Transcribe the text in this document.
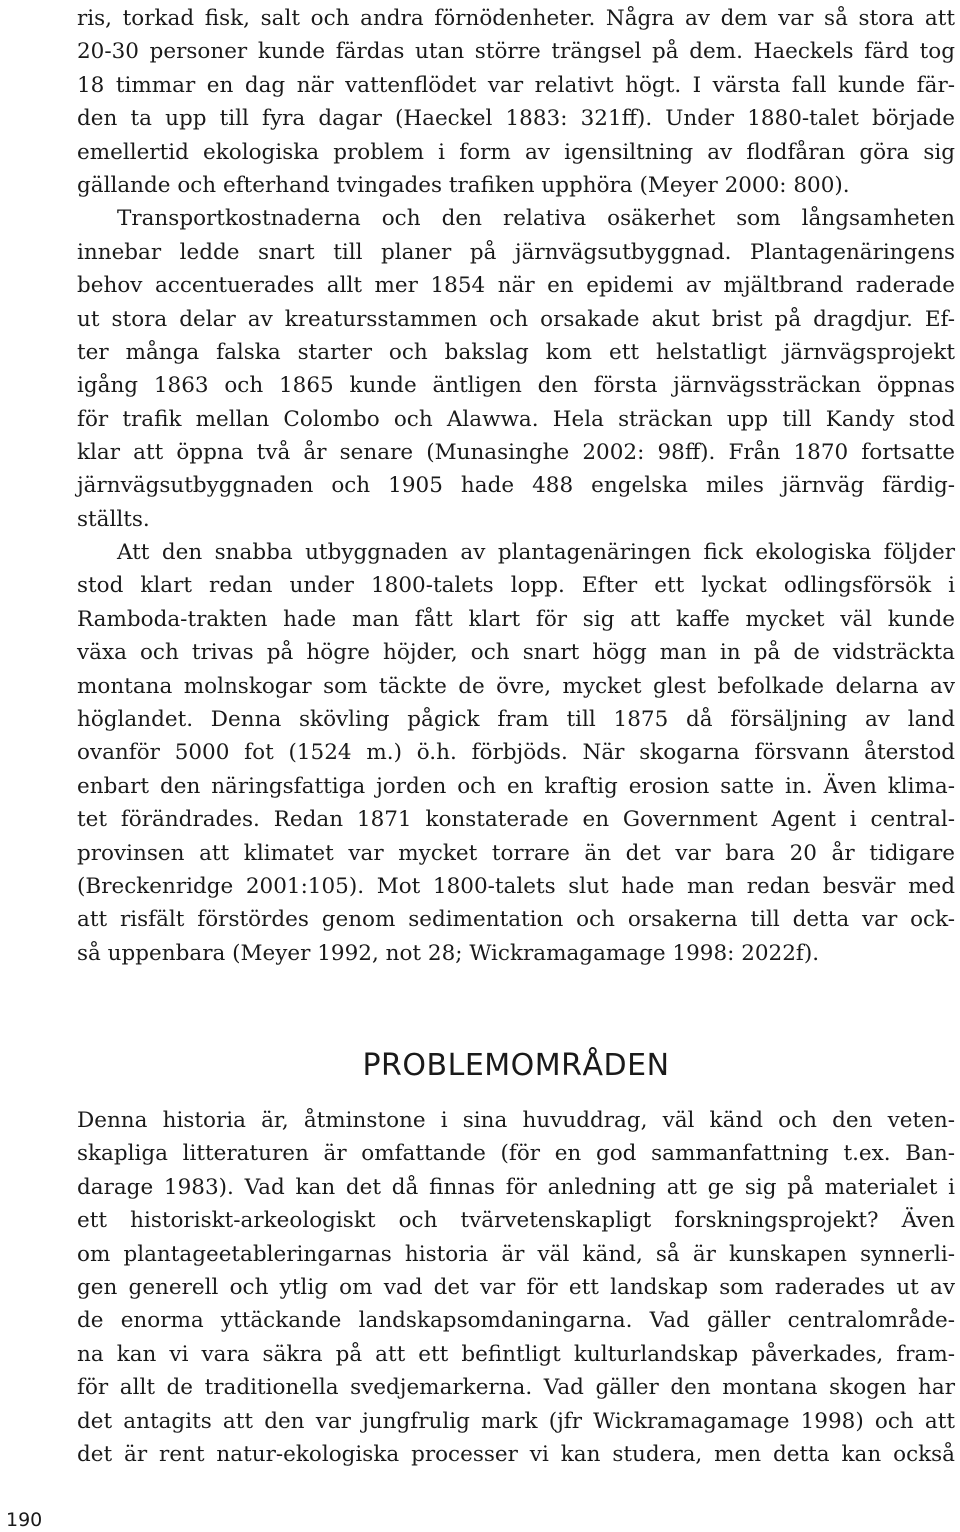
ris, torkad fisk, salt och andra förnödenheter. Några av dem var så stora att
20-30 personer kunde färdas utan större trängsel på dem. Haeckels färd tog
18 timmar en dag när vattenflödet var relativt högt. I värsta fall kunde fär-
den ta upp till fyra dagar (Haeckel 1883: 321ff). Under 1880-talet började
emellertid ekologiska problem i form av igensiltning av flodfåran göra sig
gällande och efterhand tvingades trafiken upphöra (Meyer 2000: 800).
Transportkostnaderna och den relativa osäkerhet som långsamheten
innebar ledde snart till planer på järnvägsutbyggnad. Plantagenäringens
behov accentuerades allt mer 1854 när en epidemi av mjältbrand raderade
ut stora delar av kreatursstammen och orsakade akut brist på dragdjur. Ef-
ter många falska starter och bakslag kom ett helstatligt järnvägsprojekt
igång 1863 och 1865 kunde äntligen den första järnvägssträckan öppnas
för trafik mellan Colombo och Alawwa. Hela sträckan upp till Kandy stod
klar att öppna två år senare (Munasinghe 2002: 98ff). Från 1870 fortsatte
järnvägsutbyggnaden och 1905 hade 488 engelska miles järnväg färdig-
ställts.
Att den snabba utbyggnaden av plantagenäringen fick ekologiska följder
stod klart redan under 1800-talets lopp. Efter ett lyckat odlingsförsök i
Ramboda-trakten hade man fått klart för sig att kaffe mycket väl kunde
växa och trivas på högre höjder, och snart högg man in på de vidsträckta
montana molnskogar som täckte de övre, mycket glest befolkade delarna av
höglandet. Denna skövling pågick fram till 1875 då försäljning av land
ovanför 5000 fot (1524 m.) ö.h. förbjöds. När skogarna försvann återstod
enbart den näringsfattiga jorden och en kraftig erosion satte in. Även klima-
tet förändrades. Redan 1871 konstaterade en Government Agent i central-
provinsen att klimatet var mycket torrare än det var bara 20 år tidigare
(Breckenridge 2001:105). Mot 1800-talets slut hade man redan besvär med
att risfält förstördes genom sedimentation och orsakerna till detta var ock-
så uppenbara (Meyer 1992, not 28; Wickramagamage 1998: 2022f).
PROBLEMOMRÅDEN
Denna historia är, åtminstone i sina huvuddrag, väl känd och den veten-
skapliga litteraturen är omfattande (för en god sammanfattning t.ex. Ban-
darage 1983). Vad kan det då finnas för anledning att ge sig på materialet i
ett historiskt-arkeologiskt och tvärvetenskapligt forskningsprojekt? Även
om plantageetableringarnas historia är väl känd, så är kunskapen synnerli-
gen generell och ytlig om vad det var för ett landskap som raderades ut av
de enorma yttäckande landskapsomdaningarna. Vad gäller centralområde-
na kan vi vara säkra på att ett befintligt kulturlandskap påverkades, fram-
för allt de traditionella svedjemarkerna. Vad gäller den montana skogen har
det antagits att den var jungfrulig mark (jfr Wickramagamage 1998) och att
det är rent natur-ekologiska processer vi kan studera, men detta kan också
190
